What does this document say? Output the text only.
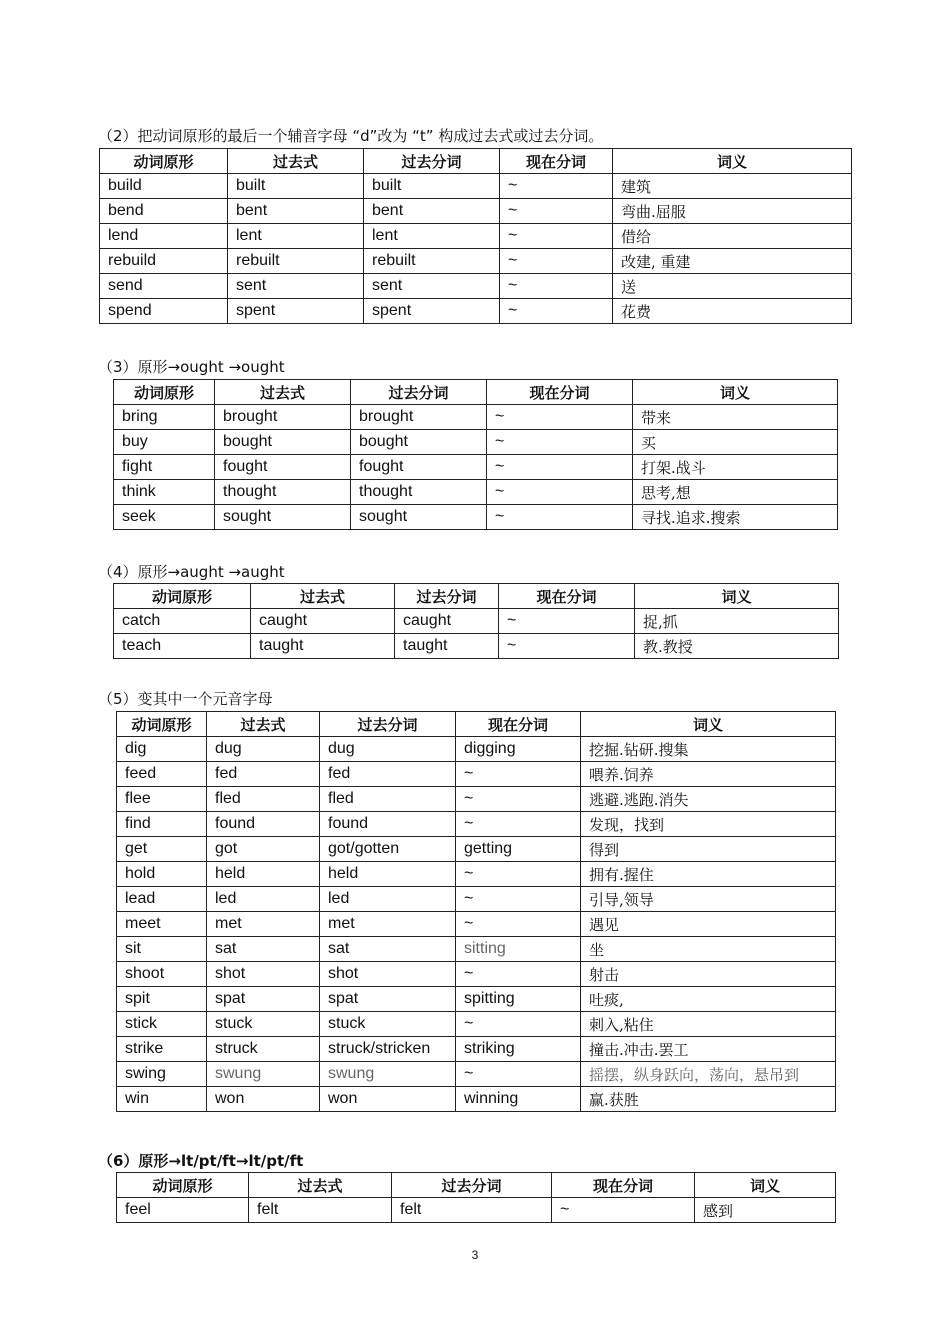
（2）把动词原形的最后一个辅音字母 “d”改为 “t” 构成过去式或过去分词。
动词原形	过去式	过去分词	现在分词	词义
build	built	built	~	建筑
bend	bent	bent	~	弯曲.屈服
lend	lent	lent	~	借给
rebuild	rebuilt	rebuilt	~	改建, 重建
send	sent	sent	~	送
spend	spent	spent	~	花费
（3）原形→ought →ought
动词原形	过去式	过去分词	现在分词	词义
bring	brought	brought	~	带来
buy	bought	bought	~	买
fight	fought	fought	~	打架.战斗
think	thought	thought	~	思考,想
seek	sought	sought	~	寻找.追求.搜索
（4）原形→aught →aught
动词原形	过去式	过去分词	现在分词	词义
catch	caught	caught	~	捉,抓
teach	taught	taught	~	教.教授
（5）变其中一个元音字母
动词原形	过去式	过去分词	现在分词	词义
dig	dug	dug	digging	挖掘.钻研.搜集
feed	fed	fed	~	喂养.饲养
flee	fled	fled	~	逃避.逃跑.消失
find	found	found	~	发现，找到
get	got	got/gotten	getting	得到
hold	held	held	~	拥有.握住
lead	led	led	~	引导,领导
meet	met	met	~	遇见
sit	sat	sat	sitting	坐
shoot	shot	shot	~	射击
spit	spat	spat	spitting	吐痰,
stick	stuck	stuck	~	刺入,粘住
strike	struck	struck/stricken	striking	撞击.冲击.罢工
swing	swung	swung	~	摇摆，纵身跃向，荡向，悬吊到
win	won	won	winning	赢.获胜
（6）原形→lt/pt/ft→lt/pt/ft
动词原形	过去式	过去分词	现在分词	词义
feel	felt	felt	~	感到
3
